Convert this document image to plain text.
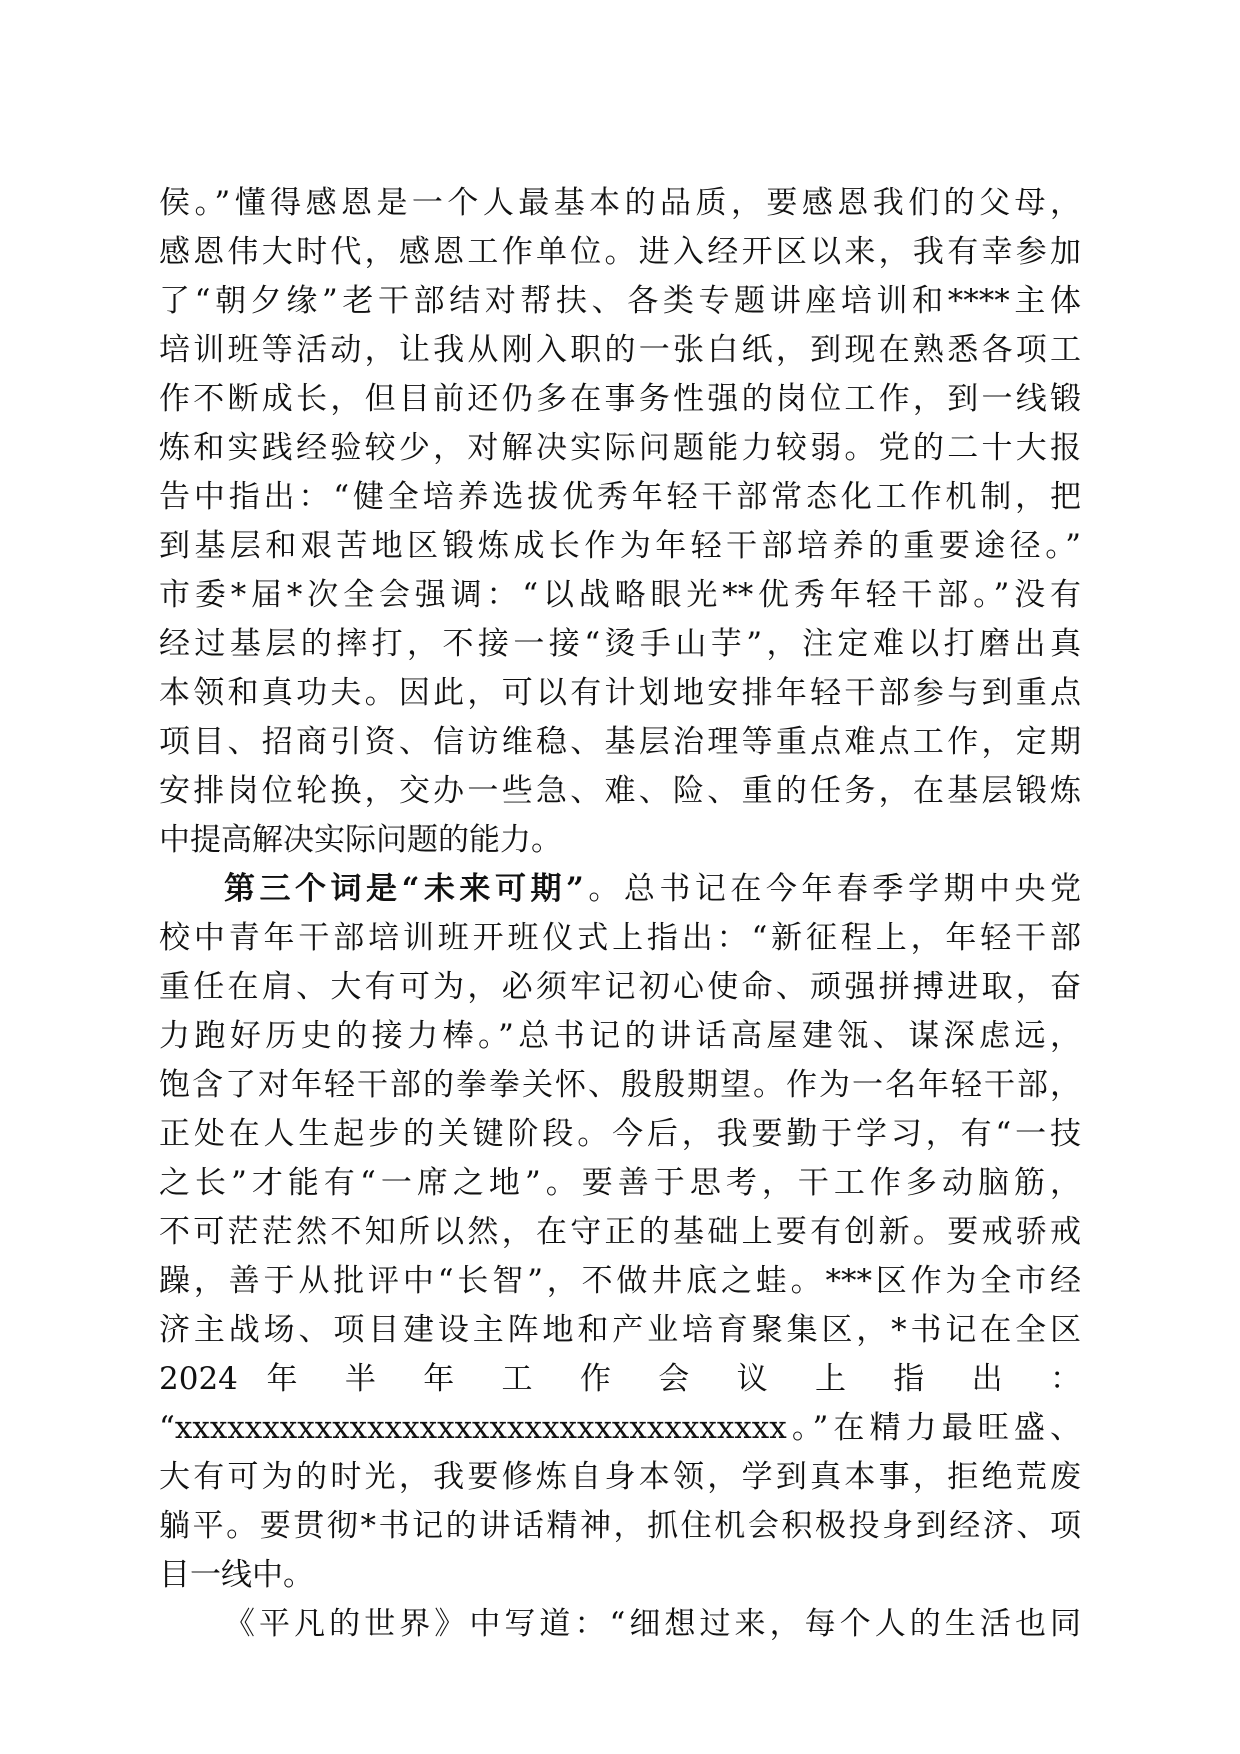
侯。”懂得感恩是一个人最基本的品质，要感恩我们的父母，
感恩伟大时代，感恩工作单位。进入经开区以来，我有幸参加
了“朝夕缘”老干部结对帮扶、各类专题讲座培训和****主体
培训班等活动，让我从刚入职的一张白纸，到现在熟悉各项工
作不断成长，但目前还仍多在事务性强的岗位工作，到一线锻
炼和实践经验较少，对解决实际问题能力较弱。党的二十大报
告中指出：“健全培养选拔优秀年轻干部常态化工作机制，把
到基层和艰苦地区锻炼成长作为年轻干部培养的重要途径。”
市委*届*次全会强调：“以战略眼光**优秀年轻干部。”没有
经过基层的摔打，不接一接“烫手山芋”，注定难以打磨出真
本领和真功夫。因此，可以有计划地安排年轻干部参与到重点
项目、招商引资、信访维稳、基层治理等重点难点工作，定期
安排岗位轮换，交办一些急、难、险、重的任务，在基层锻炼
中提高解决实际问题的能力。
第三个词是“未来可期”。总书记在今年春季学期中央党
校中青年干部培训班开班仪式上指出：“新征程上，年轻干部
重任在肩、大有可为，必须牢记初心使命、顽强拼搏进取，奋
力跑好历史的接力棒。”总书记的讲话高屋建瓴、谋深虑远，
饱含了对年轻干部的拳拳关怀、殷殷期望。作为一名年轻干部，
正处在人生起步的关键阶段。今后，我要勤于学习，有“一技
之长”才能有“一席之地”。要善于思考，干工作多动脑筋，
不可茫茫然不知所以然，在守正的基础上要有创新。要戒骄戒
躁，善于从批评中“长智”，不做井底之蛙。***区作为全市经
济主战场、项目建设主阵地和产业培育聚集区，*书记在全区
2024 年 半 年 工 作 会 议 上 指 出 ：
“xxxxxxxxxxxxxxxxxxxxxxxxxxxxxxxxxxx。”在精力最旺盛、
大有可为的时光，我要修炼自身本领，学到真本事，拒绝荒废
躺平。要贯彻*书记的讲话精神，抓住机会积极投身到经济、项
目一线中。
《平凡的世界》中写道：“细想过来，每个人的生活也同
